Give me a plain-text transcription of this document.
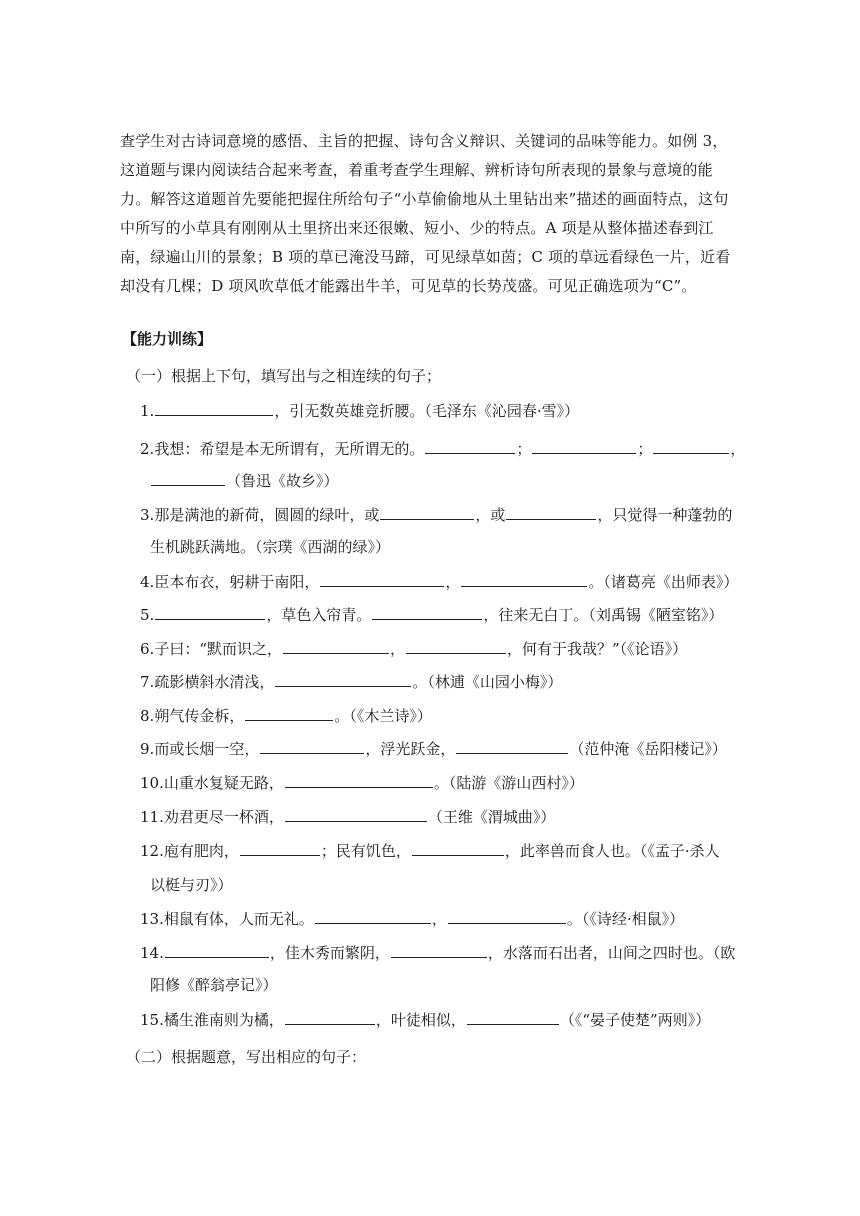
查学生对古诗词意境的感悟、主旨的把握、诗句含义辩识、关键词的品味等能力。如例 3，这道题与课内阅读结合起来考查，着重考查学生理解、辨析诗句所表现的景象与意境的能力。解答这道题首先要能把握住所给句子“小草偷偷地从土里钻出来”描述的画面特点，这句中所写的小草具有刚刚从土里挤出来还很嫩、短小、少的特点。A 项是从整体描述春到江南，绿遍山川的景象；B 项的草已淹没马蹄，可见绿草如茵；C 项的草远看绿色一片，近看却没有几棵；D 项风吹草低才能露出牛羊，可见草的长势茂盛。可见正确选项为“C”。

【能力训练】

（一）根据上下句，填写出与之相连续的句子；

1.	，引无数英雄竞折腰。（毛泽东《沁园春·雪》）

2.我想：希望是本无所谓有，无所谓无的。	；	；	，

（鲁迅《故乡》）

3.那是满池的新荷，圆圆的绿叶，或	，或	，只觉得一种蓬勃的

生机跳跃满地。（宗璞《西湖的绿》）

4.臣本布衣，躬耕于南阳，	，	。（诸葛亮《出师表》）

5.	，草色入帘青。	，往来无白丁。（刘禹锡《陋室铭》）

6.子曰：“默而识之，	，	，何有于我哉？”（《论语》）

7.疏影横斜水清浅，	。（林逋《山园小梅》）

8.朔气传金柝，	。（《木兰诗》）

9.而或长烟一空，	，浮光跃金，	（范仲淹《岳阳楼记》）

10.山重水复疑无路，	。（陆游《游山西村》）

11.劝君更尽一杯酒，	（王维《渭城曲》）

12.庖有肥肉，	；民有饥色，	，此率兽而食人也。（《孟子·杀人

以梃与刃》）

13.相鼠有体，人而无礼。	，	。（《诗经·相鼠》）

14.	，佳木秀而繁阴，	，水落而石出者，山间之四时也。（欧

阳修《醉翁亭记》）

15.橘生淮南则为橘，	，叶徒相似，	（《“晏子使楚”两则》）

（二）根据题意，写出相应的句子：
